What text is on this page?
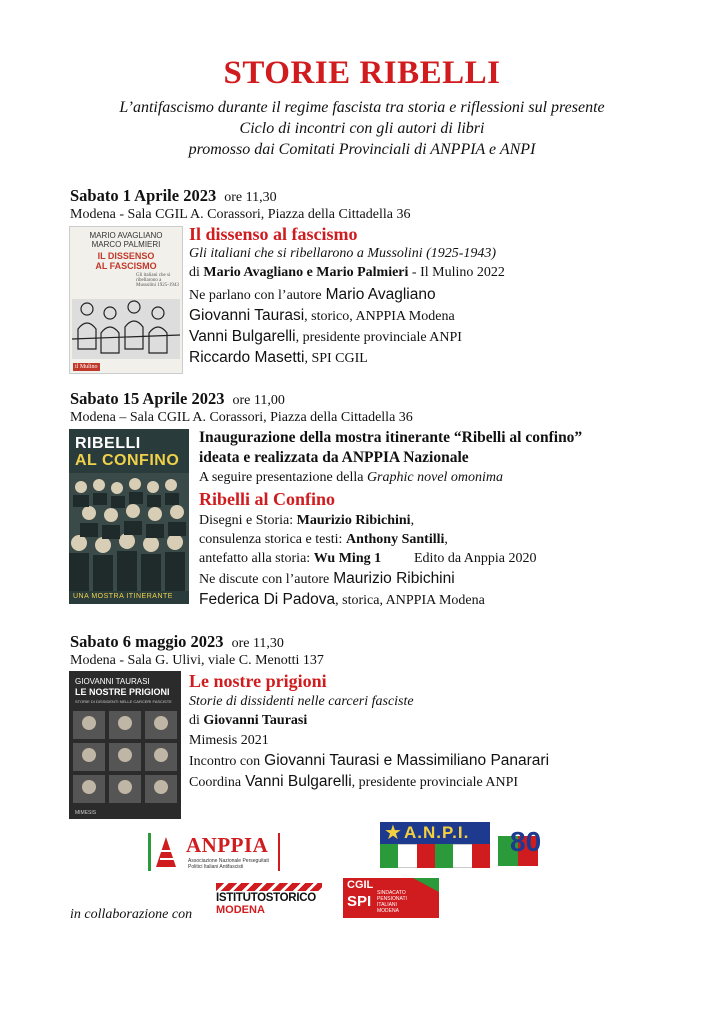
STORIE RIBELLI
L’antifascismo durante il regime fascista tra storia e riflessioni sul presente
Ciclo di incontri con gli autori di libri
promosso dai Comitati Provinciali di ANPPIA e ANPI
Sabato 1 Aprile 2023 ore 11,30
Modena - Sala CGIL A. Corassori, Piazza della Cittadella 36
MARIO AVAGLIANO
MARCO PALMIERI
IL DISSENSO
AL FASCISMO
Gli italiani che si ribellarono a Mussolini 1925-1943
il Mulino
Il dissenso al fascismo
Gli italiani che si ribellarono a Mussolini (1925-1943)
di Mario Avagliano e Mario Palmieri - Il Mulino 2022
Ne parlano con l’autore Mario Avagliano
Giovanni Taurasi, storico, ANPPIA Modena
Vanni Bulgarelli, presidente provinciale ANPI
Riccardo Masetti, SPI CGIL
Sabato 15 Aprile 2023 ore 11,00
Modena – Sala CGIL A. Corassori, Piazza della Cittadella 36
RIBELLI
AL CONFINO
UNA MOSTRA ITINERANTE
Inaugurazione della mostra itinerante “Ribelli al confino”
ideata e realizzata da ANPPIA Nazionale
A seguire presentazione della Graphic novel omonima
Ribelli al Confino
Disegni e Storia: Maurizio Ribichini,
consulenza storica e testi: Anthony Santilli,
antefatto alla storia: Wu Ming 1 Edito da Anppia 2020
Ne discute con l’autore Maurizio Ribichini
Federica Di Padova, storica, ANPPIA Modena
Sabato 6 maggio 2023 ore 11,30
Modena - Sala G. Ulivi, viale C. Menotti 137
GIOVANNI TAURASI
LE NOSTRE PRIGIONI
STORIE DI DISSIDENTI NELLE CARCERI FASCISTE
MIMESIS
Le nostre prigioni
Storie di dissidenti nelle carceri fasciste
di Giovanni Taurasi
Mimesis 2021
Incontro con Giovanni Taurasi e Massimiliano Panarari
Coordina Vanni Bulgarelli, presidente provinciale ANPI
ANPPIA
Associazione Nazionale Perseguitati
Politici Italiani Antifascisti
★ A.N.P.I. 80
in collaborazione con
ISTITUTOSTORICO
MODENA
CGIL
SPI SINDACATO
PENSIONATI
ITALIANI
MODENA
